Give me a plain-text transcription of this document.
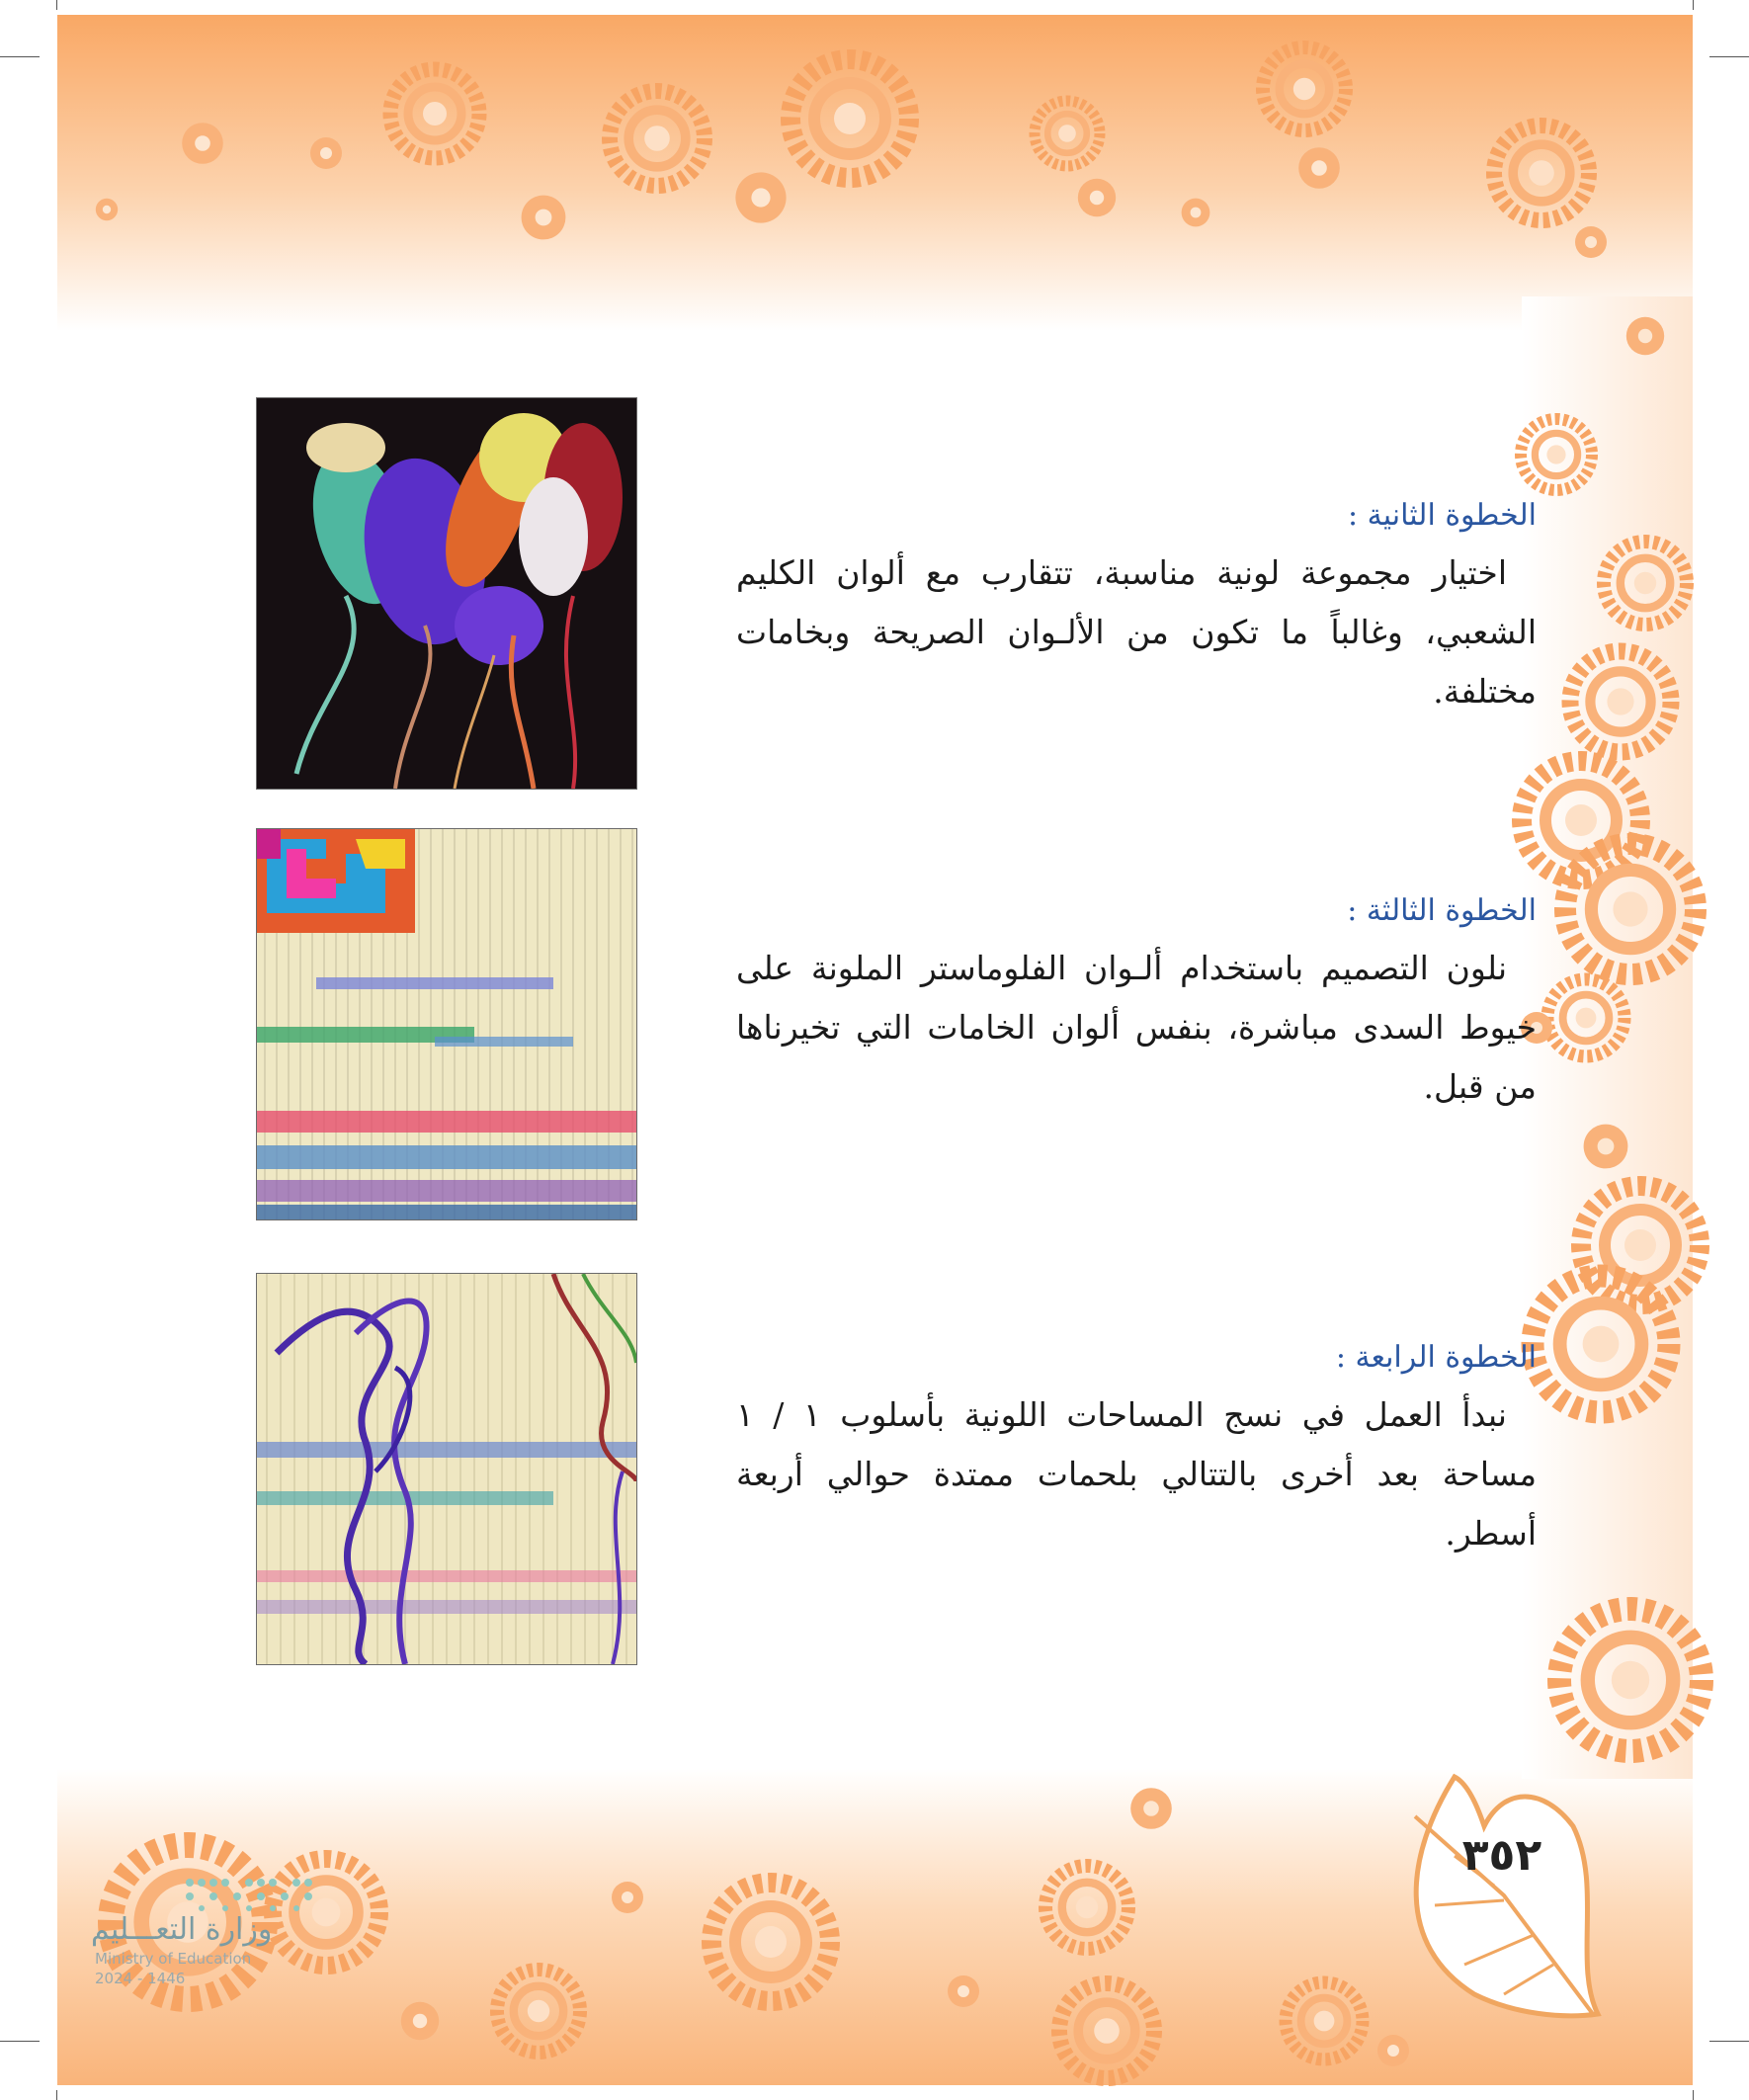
الخطوة الثانية :

اختيار مجموعة لونية مناسبة، تتقارب مع ألوان الكليم الشعبي، وغالباً ما تكون من الألـوان الصريحة وبخامات مختلفة.

الخطوة الثالثة :

نلون التصميم باستخدام ألـوان الفلوماستر الملونة على خيوط السدى مباشرة، بنفس ألوان الخامات التي تخيرناها من قبل.

الخطوة الرابعة :

نبدأ العمل في نسج المساحات اللونية بأسلوب ١ / ١ مساحة بعد أخرى بالتتالي بلحمات ممتدة حوالي أربعة أسطر.

٣٥٢
وزارة التعـــليم
Ministry of Education
2024 - 1446
